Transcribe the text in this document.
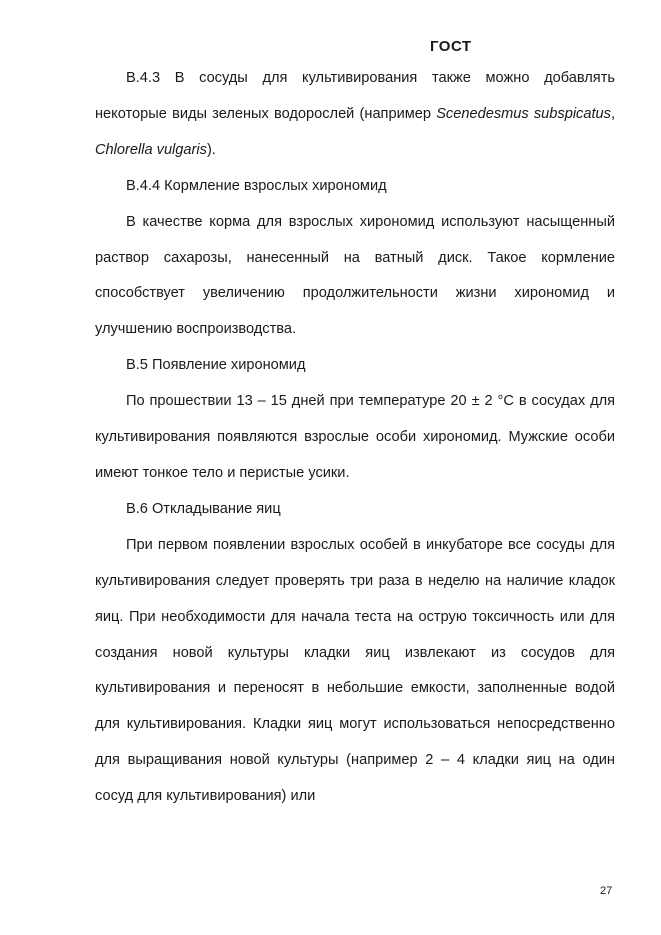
ГОСТ

В.4.3 В сосуды для культивирования также можно добавлять некоторые виды зеленых водорослей (например Scenedesmus subspicatus, Chlorella vulgaris).

В.4.4 Кормление взрослых хирономид

В качестве корма для взрослых хирономид используют насыщенный раствор сахарозы, нанесенный на ватный диск. Такое кормление способствует увеличению продолжительности жизни хирономид и улучшению воспроизводства.

В.5 Появление хирономид

По прошествии 13 – 15 дней при температуре 20 ± 2 °C в сосудах для культивирования появляются взрослые особи хирономид. Мужские особи имеют тонкое тело и перистые усики.

В.6 Откладывание яиц

При первом появлении взрослых особей в инкубаторе все сосуды для культивирования следует проверять три раза в неделю на наличие кладок яиц. При необходимости для начала теста на острую токсичность или для создания новой культуры кладки яиц извлекают из сосудов для культивирования и переносят в небольшие емкости, заполненные водой для культивирования. Кладки яиц могут использоваться непосредственно для выращивания новой культуры (например 2 – 4 кладки яиц на один сосуд для культивирования) или

27
